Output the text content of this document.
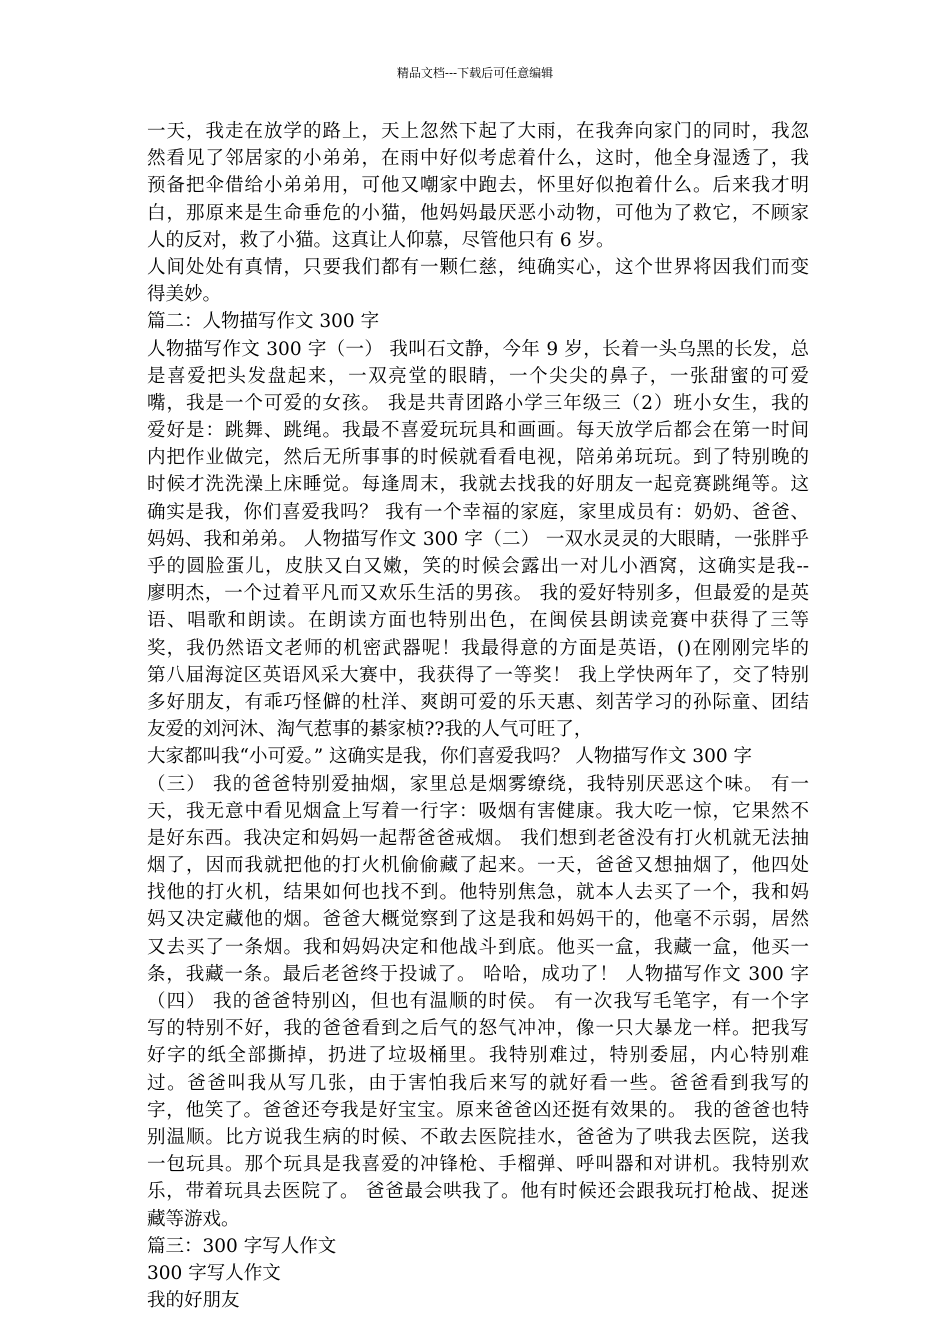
精品文档---下载后可任意编辑
一天，我走在放学的路上，天上忽然下起了大雨，在我奔向家门的同时，我忽
然看见了邻居家的小弟弟，在雨中好似考虑着什么，这时，他全身湿透了，我
预备把伞借给小弟弟用，可他又嘲家中跑去，怀里好似抱着什么。后来我才明
白，那原来是生命垂危的小猫，他妈妈最厌恶小动物，可他为了救它，不顾家
人的反对，救了小猫。这真让人仰慕，尽管他只有 6 岁。
人间处处有真情，只要我们都有一颗仁慈，纯确实心，这个世界将因我们而变
得美妙。
篇二：人物描写作文 300 字
人物描写作文 300 字（一） 我叫石文静，今年 9 岁，长着一头乌黑的长发，总
是喜爱把头发盘起来，一双亮堂的眼睛，一个尖尖的鼻子，一张甜蜜的可爱
嘴，我是一个可爱的女孩。 我是共青团路小学三年级三（2）班小女生，我的
爱好是：跳舞、跳绳。我最不喜爱玩玩具和画画。每天放学后都会在第一时间
内把作业做完，然后无所事事的时候就看看电视，陪弟弟玩玩。到了特别晚的
时候才洗洗澡上床睡觉。每逢周末，我就去找我的好朋友一起竞赛跳绳等。这
确实是我，你们喜爱我吗？ 我有一个幸福的家庭，家里成员有：奶奶、爸爸、
妈妈、我和弟弟。 人物描写作文 300 字（二） 一双水灵灵的大眼睛，一张胖乎
乎的圆脸蛋儿，皮肤又白又嫩，笑的时候会露出一对儿小酒窝，这确实是我--
廖明杰，一个过着平凡而又欢乐生活的男孩。 我的爱好特别多，但最爱的是英
语、唱歌和朗读。在朗读方面也特别出色，在闽侯县朗读竞赛中获得了三等
奖，我仍然语文老师的机密武器呢！我最得意的方面是英语，()在刚刚完毕的
第八届海淀区英语风采大赛中，我获得了一等奖！ 我上学快两年了，交了特别
多好朋友，有乖巧怪僻的杜洋、爽朗可爱的乐天惠、刻苦学习的孙际童、团结
友爱的刘河沐、淘气惹事的綦家桢??我的人气可旺了，
大家都叫我“小可爱。” 这确实是我，你们喜爱我吗？ 人物描写作文 300 字
（三） 我的爸爸特别爱抽烟，家里总是烟雾缭绕，我特别厌恶这个味。 有一
天，我无意中看见烟盒上写着一行字：吸烟有害健康。我大吃一惊，它果然不
是好东西。我决定和妈妈一起帮爸爸戒烟。 我们想到老爸没有打火机就无法抽
烟了，因而我就把他的打火机偷偷藏了起来。一天，爸爸又想抽烟了，他四处
找他的打火机，结果如何也找不到。他特别焦急，就本人去买了一个，我和妈
妈又决定藏他的烟。爸爸大概觉察到了这是我和妈妈干的，他毫不示弱，居然
又去买了一条烟。我和妈妈决定和他战斗到底。他买一盒，我藏一盒，他买一
条，我藏一条。最后老爸终于投诚了。 哈哈，成功了！ 人物描写作文 300 字
（四） 我的爸爸特别凶，但也有温顺的时侯。 有一次我写毛笔字，有一个字
写的特别不好，我的爸爸看到之后气的怒气冲冲，像一只大暴龙一样。把我写
好字的纸全部撕掉，扔进了垃圾桶里。我特别难过，特别委屈，内心特别难
过。爸爸叫我从写几张，由于害怕我后来写的就好看一些。爸爸看到我写的
字，他笑了。爸爸还夸我是好宝宝。原来爸爸凶还挺有效果的。 我的爸爸也特
别温顺。比方说我生病的时候、不敢去医院挂水，爸爸为了哄我去医院，送我
一包玩具。那个玩具是我喜爱的冲锋枪、手榴弹、呼叫器和对讲机。我特别欢
乐，带着玩具去医院了。 爸爸最会哄我了。他有时候还会跟我玩打枪战、捉迷
藏等游戏。
篇三：300 字写人作文
300 字写人作文
我的好朋友
